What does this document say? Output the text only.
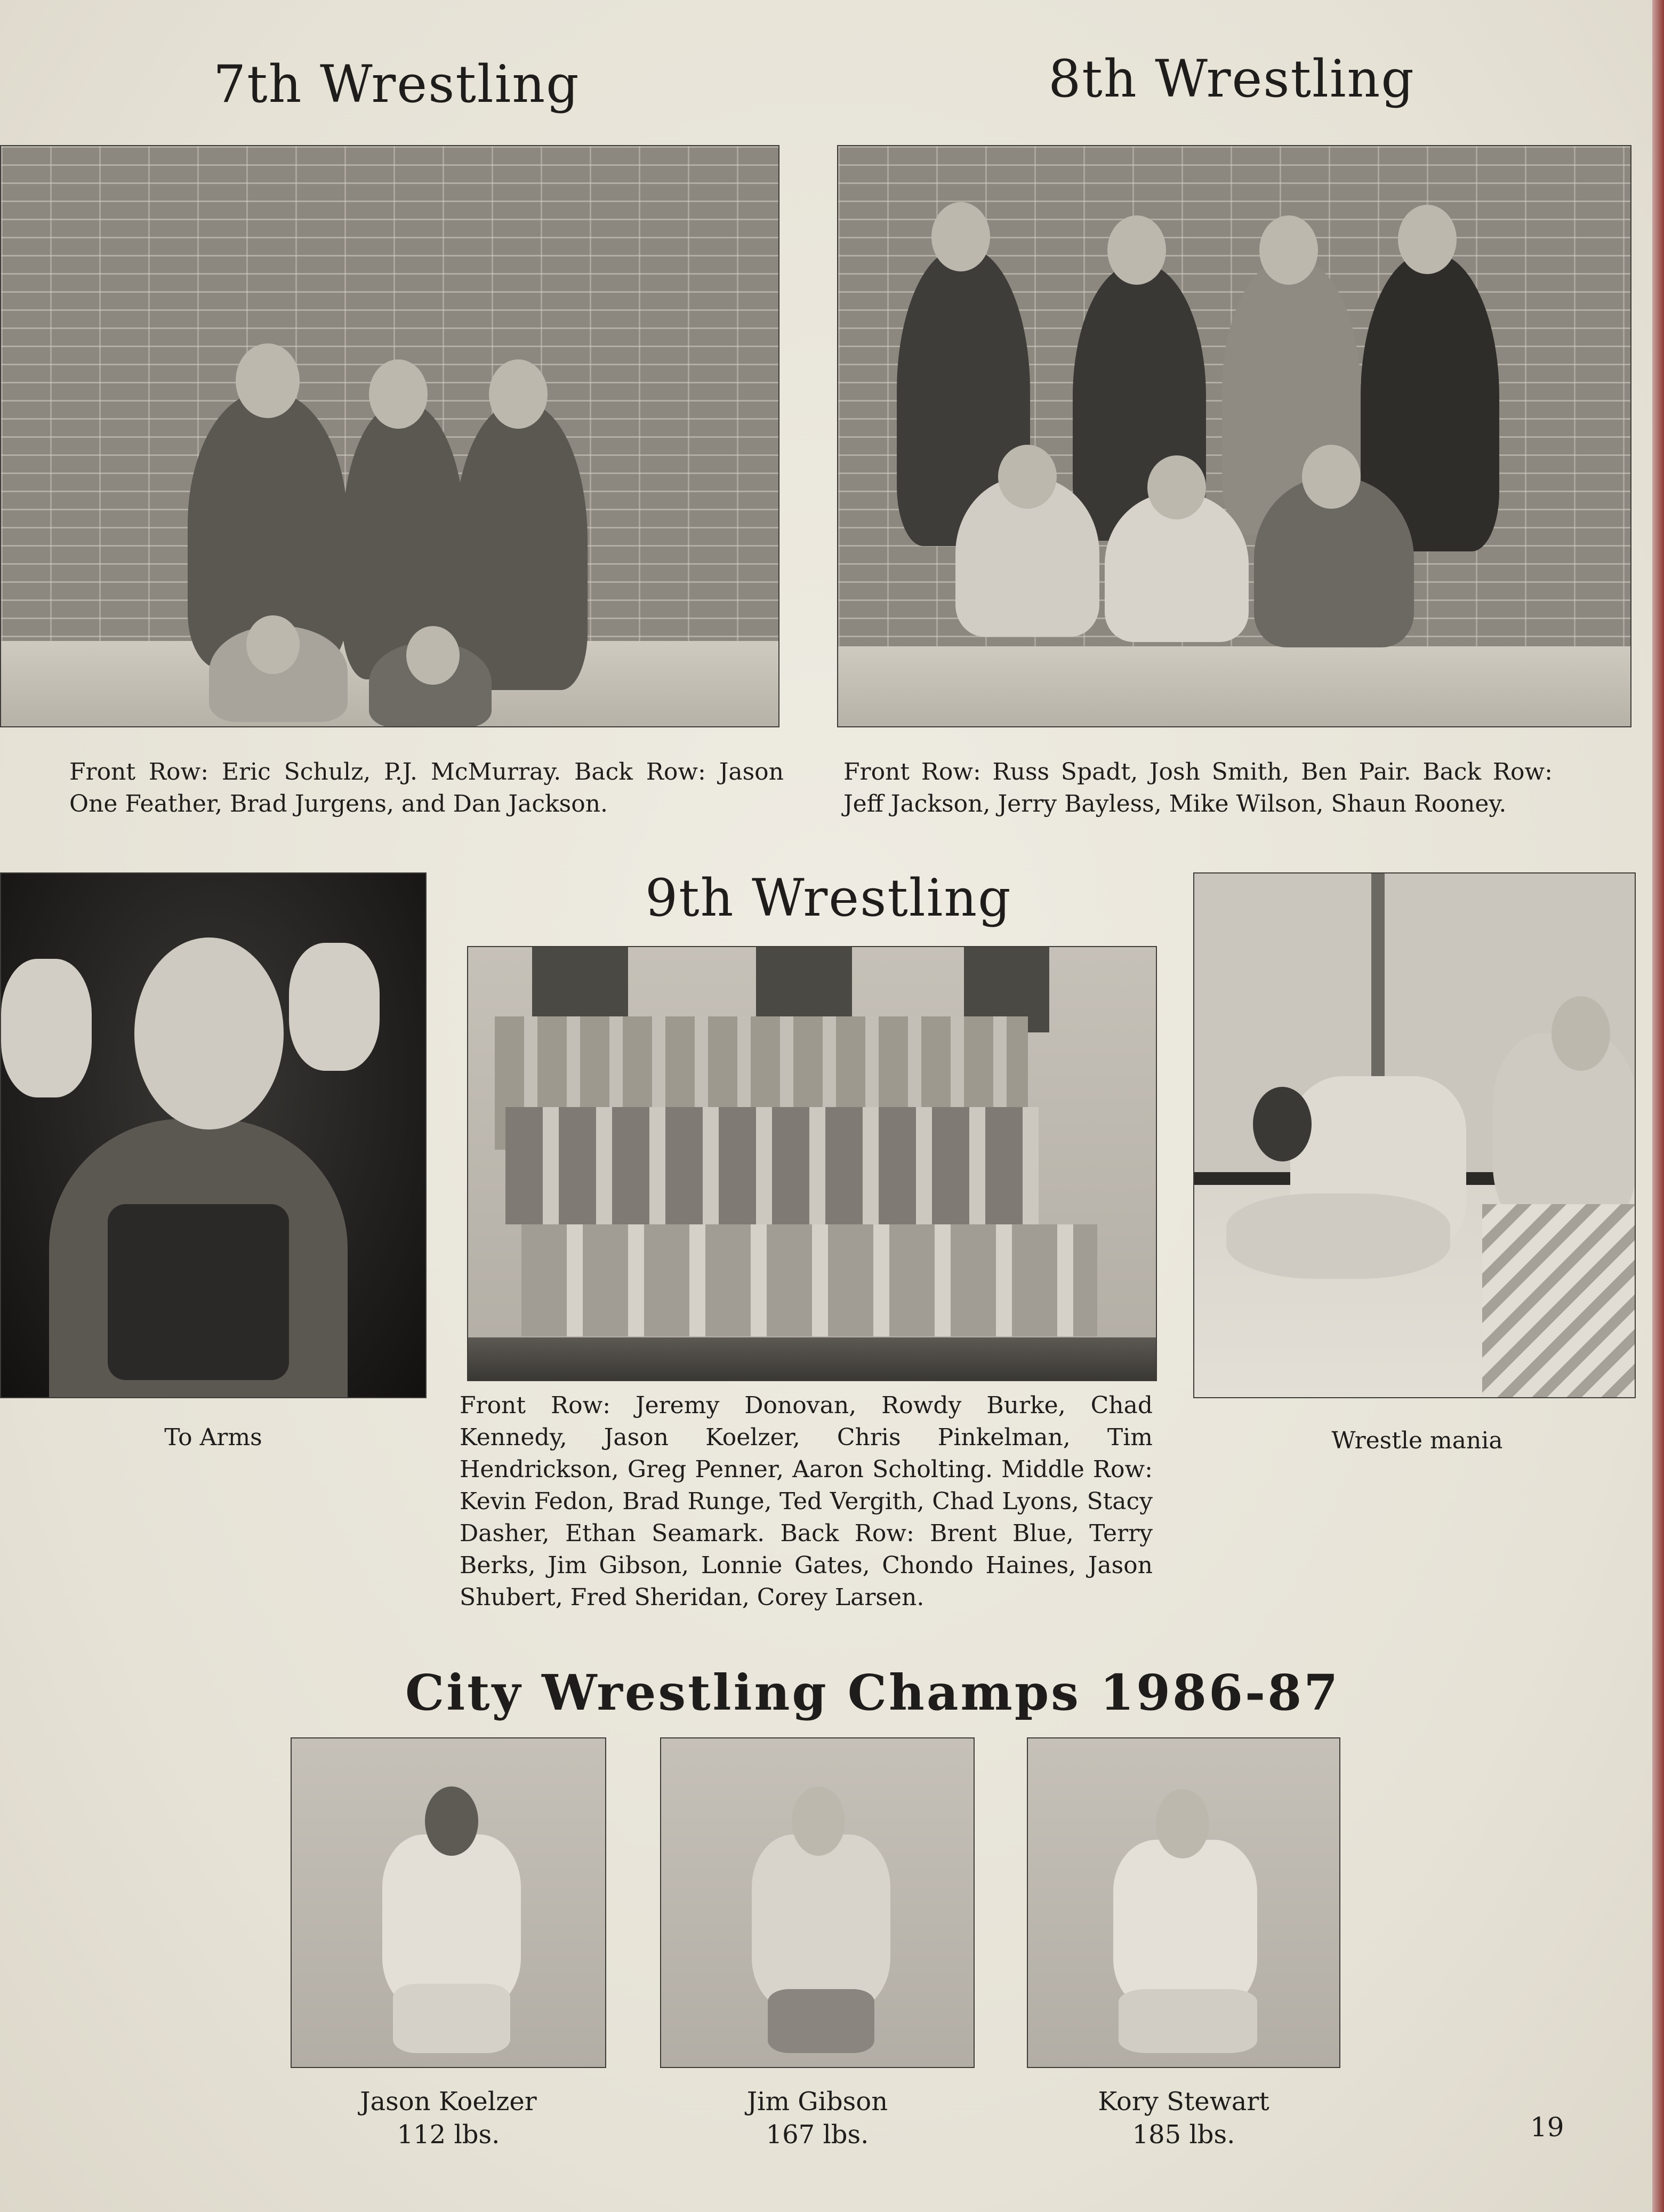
7th Wrestling
Front Row: Eric Schulz, P.J. McMurray. Back Row: Jason One Feather, Brad Jurgens, and Dan Jackson.
8th Wrestling
Front Row: Russ Spadt, Josh Smith, Ben Pair. Back Row: Jeff Jackson, Jerry Bayless, Mike Wilson, Shaun Rooney.
9th Wrestling
To Arms
Front Row: Jeremy Donovan, Rowdy Burke, Chad Kennedy, Jason Koelzer, Chris Pinkelman, Tim Hendrickson, Greg Penner, Aaron Scholting. Middle Row: Kevin Fedon, Brad Runge, Ted Vergith, Chad Lyons, Stacy Dasher, Ethan Seamark. Back Row: Brent Blue, Terry Berks, Jim Gibson, Lonnie Gates, Chondo Haines, Jason Shubert, Fred Sheridan, Corey Larsen.
Wrestle mania
City Wrestling Champs 1986-87
Jason Koelzer
112 lbs.
Jim Gibson
167 lbs.
Kory Stewart
185 lbs.	19
